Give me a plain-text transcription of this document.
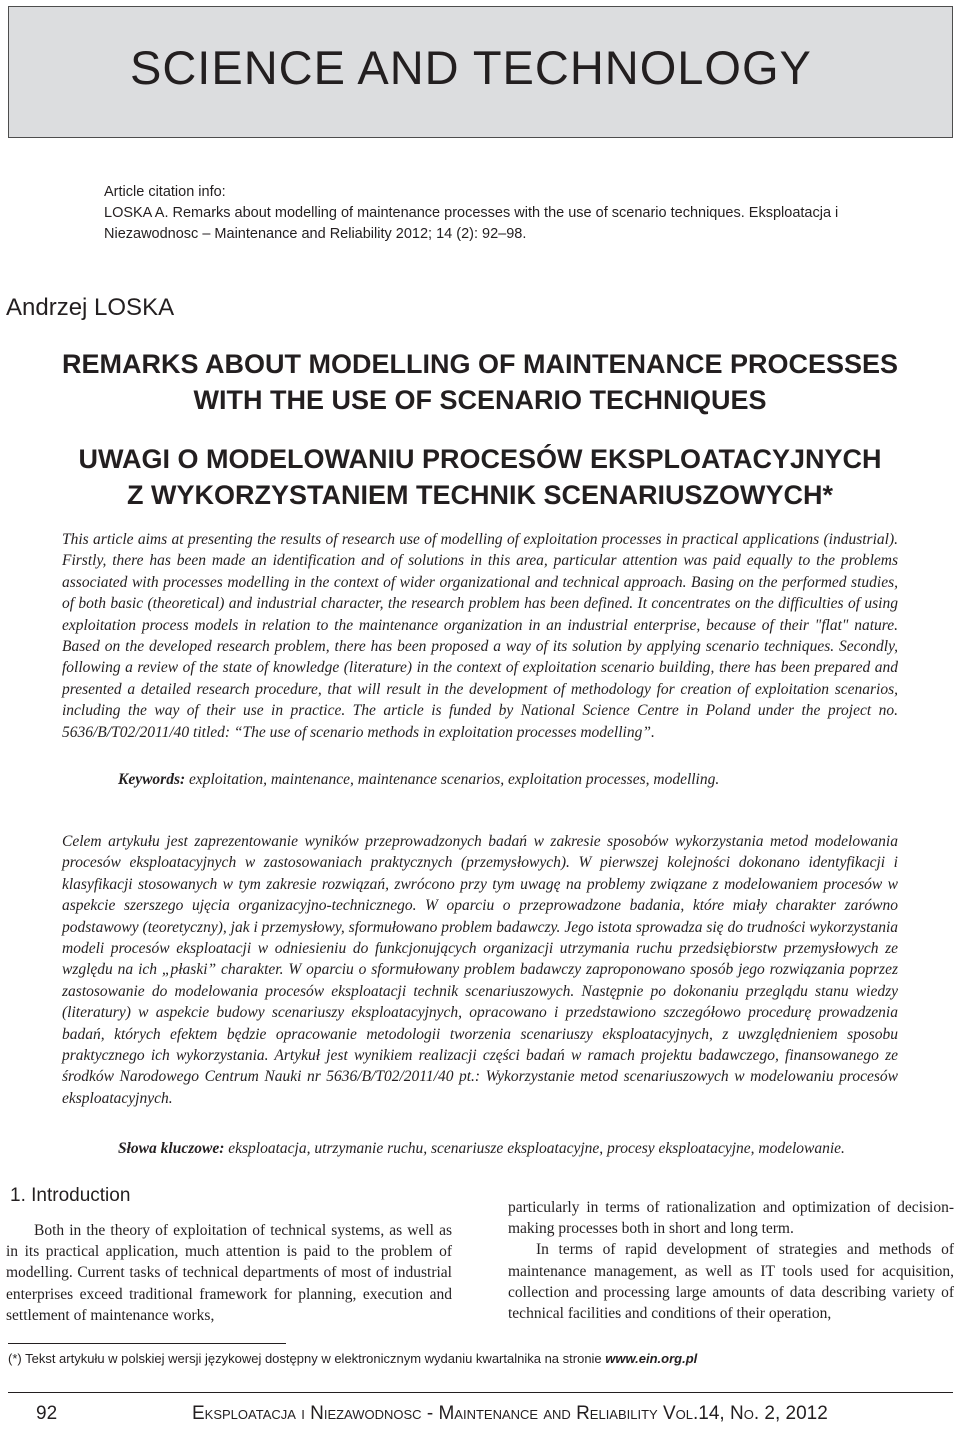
SCIENCE AND TECHNOLOGY
Article citation info:
LOSKA A. Remarks about modelling of maintenance processes with the use of scenario techniques. Eksploatacja i
Niezawodnosc – Maintenance and Reliability 2012; 14 (2): 92–98.
Andrzej LOSKA
REMARKS ABOUT MODELLING OF MAINTENANCE PROCESSES
WITH THE USE OF SCENARIO TECHNIQUES
UWAGI O MODELOWANIU PROCESÓW EKSPLOATACYJNYCH
Z WYKORZYSTANIEM TECHNIK SCENARIUSZOWYCH*
This article aims at presenting the results of research use of modelling of exploitation processes in practical applications (industrial). Firstly, there has been made an identification and of solutions in this area, particular attention was paid equally to the problems associated with processes modelling in the context of wider organizational and technical approach. Basing on the performed studies, of both basic (theoretical) and industrial character, the research problem has been defined. It concentrates on the difficulties of using exploitation process models in relation to the maintenance organization in an industrial enterprise, because of their "flat" nature. Based on the developed research problem, there has been proposed a way of its solution by applying scenario techniques. Secondly, following a review of the state of knowledge (literature) in the context of exploitation scenario building, there has been prepared and presented a detailed research procedure, that will result in the development of methodology for creation of exploitation scenarios, including the way of their use in practice. The article is funded by National Science Centre in Poland under the project no. 5636/B/T02/2011/40 titled: “The use of scenario methods in exploitation processes modelling”.
Keywords: exploitation, maintenance, maintenance scenarios, exploitation processes, modelling.
Celem artykułu jest zaprezentowanie wyników przeprowadzonych badań w zakresie sposobów wykorzystania metod modelowania procesów eksploatacyjnych w zastosowaniach praktycznych (przemysłowych). W pierwszej kolejności dokonano identyfikacji i klasyfikacji stosowanych w tym zakresie rozwiązań, zwrócono przy tym uwagę na problemy związane z modelowaniem procesów w aspekcie szerszego ujęcia organizacyjno-technicznego. W oparciu o przeprowadzone badania, które miały charakter zarówno podstawowy (teoretyczny), jak i przemysłowy, sformułowano problem badawczy. Jego istota sprowadza się do trudności wykorzystania modeli procesów eksploatacji w odniesieniu do funkcjonujących organizacji utrzymania ruchu przedsiębiorstw przemysłowych ze względu na ich „płaski” charakter. W oparciu o sformułowany problem badawczy zaproponowano sposób jego rozwiązania poprzez zastosowanie do modelowania procesów eksploatacji technik scenariuszowych. Następnie po dokonaniu przeglądu stanu wiedzy (literatury) w aspekcie budowy scenariuszy eksploatacyjnych, opracowano i przedstawiono szczegółowo procedurę prowadzenia badań, których efektem będzie opracowanie metodologii tworzenia scenariuszy eksploatacyjnych, z uwzględnieniem sposobu praktycznego ich wykorzystania. Artykuł jest wynikiem realizacji części badań w ramach projektu badawczego, finansowanego ze środków Narodowego Centrum Nauki nr 5636/B/T02/2011/40 pt.: Wykorzystanie metod scenariuszowych w modelowaniu procesów eksploatacyjnych.
Słowa kluczowe: eksploatacja, utrzymanie ruchu, scenariusze eksploatacyjne, procesy eksploatacyjne, modelowanie.
1. Introduction
Both in the theory of exploitation of technical systems, as well as in its practical application, much attention is paid to the problem of modelling. Current tasks of technical departments of most of industrial enterprises exceed traditional framework for planning, execution and settlement of maintenance works,
particularly in terms of rationalization and optimization of decision-making processes both in short and long term.
In terms of rapid development of strategies and methods of maintenance management, as well as IT tools used for acquisition, collection and processing large amounts of data describing variety of technical facilities and conditions of their operation,
(*) Tekst artykułu w polskiej wersji językowej dostępny w elektronicznym wydaniu kwartalnika na stronie www.ein.org.pl
92	Eksploatacja i Niezawodnosc - Maintenance and Reliability Vol.14, No. 2, 2012
